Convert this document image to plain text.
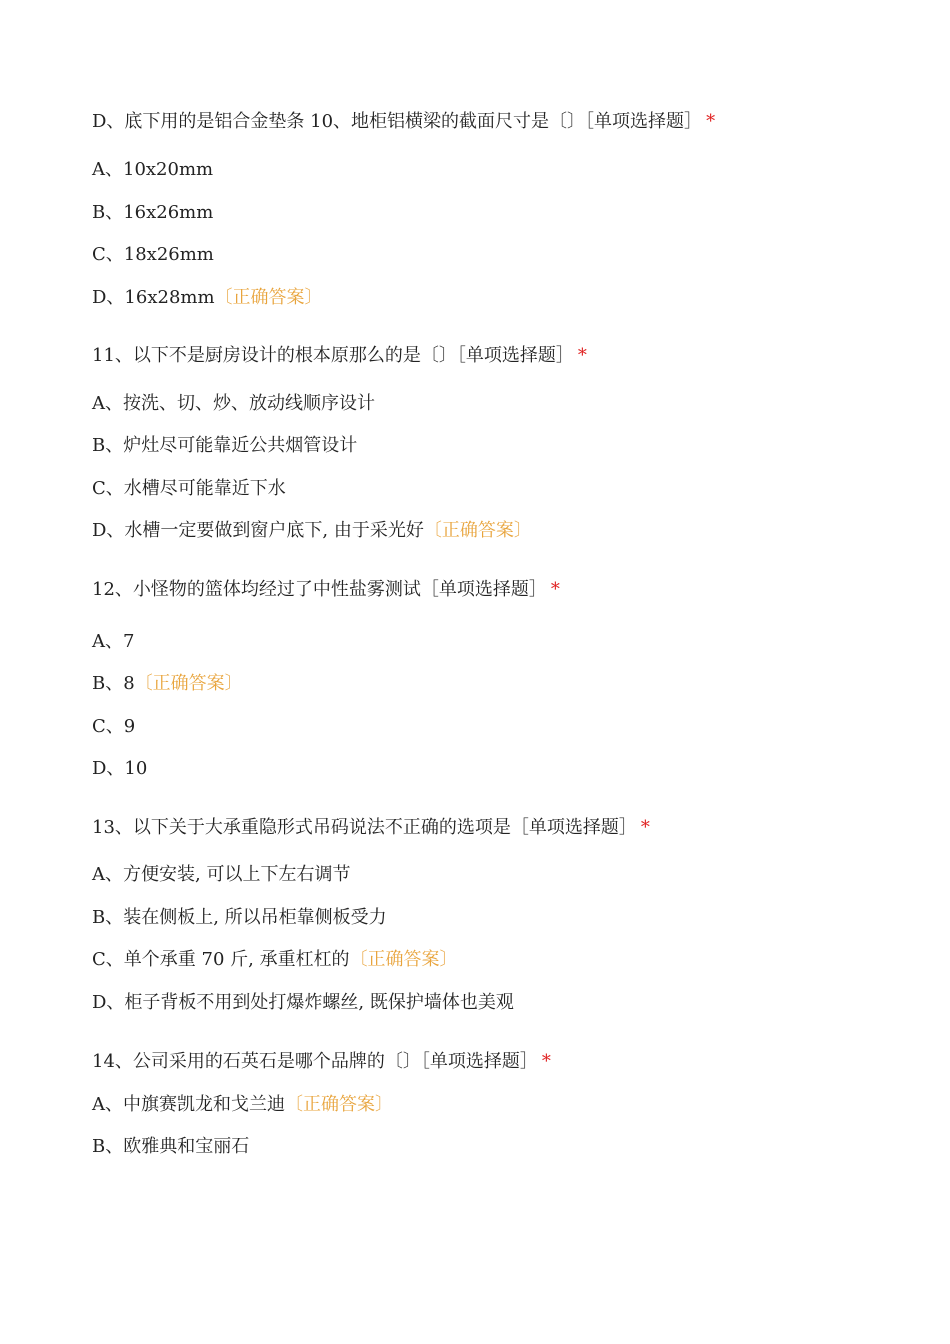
D、底下用的是铝合金垫条 10、地柜铝横梁的截面尺寸是〔〕［单项选择题］ *
A、10x20mm
B、16x26mm
C、18x26mm
D、16x28mm〔正确答案〕
11、以下不是厨房设计的根本原那么的是〔〕［单项选择题］ *
A、按洗、切、炒、放动线顺序设计
B、炉灶尽可能靠近公共烟管设计
C、水槽尽可能靠近下水
D、水槽一定要做到窗户底下, 由于采光好〔正确答案〕
12、小怪物的篮体均经过了中性盐雾测试［单项选择题］ *
A、7
B、8〔正确答案〕
C、9
D、10
13、以下关于大承重隐形式吊码说法不正确的选项是［单项选择题］ *
A、方便安装, 可以上下左右调节
B、装在侧板上, 所以吊柜靠侧板受力
C、单个承重 70 斤, 承重杠杠的〔正确答案〕
D、柜子背板不用到处打爆炸螺丝, 既保护墙体也美观
14、公司采用的石英石是哪个品牌的〔〕［单项选择题］ *
A、中旗赛凯龙和戈兰迪〔正确答案〕
B、欧雅典和宝丽石
